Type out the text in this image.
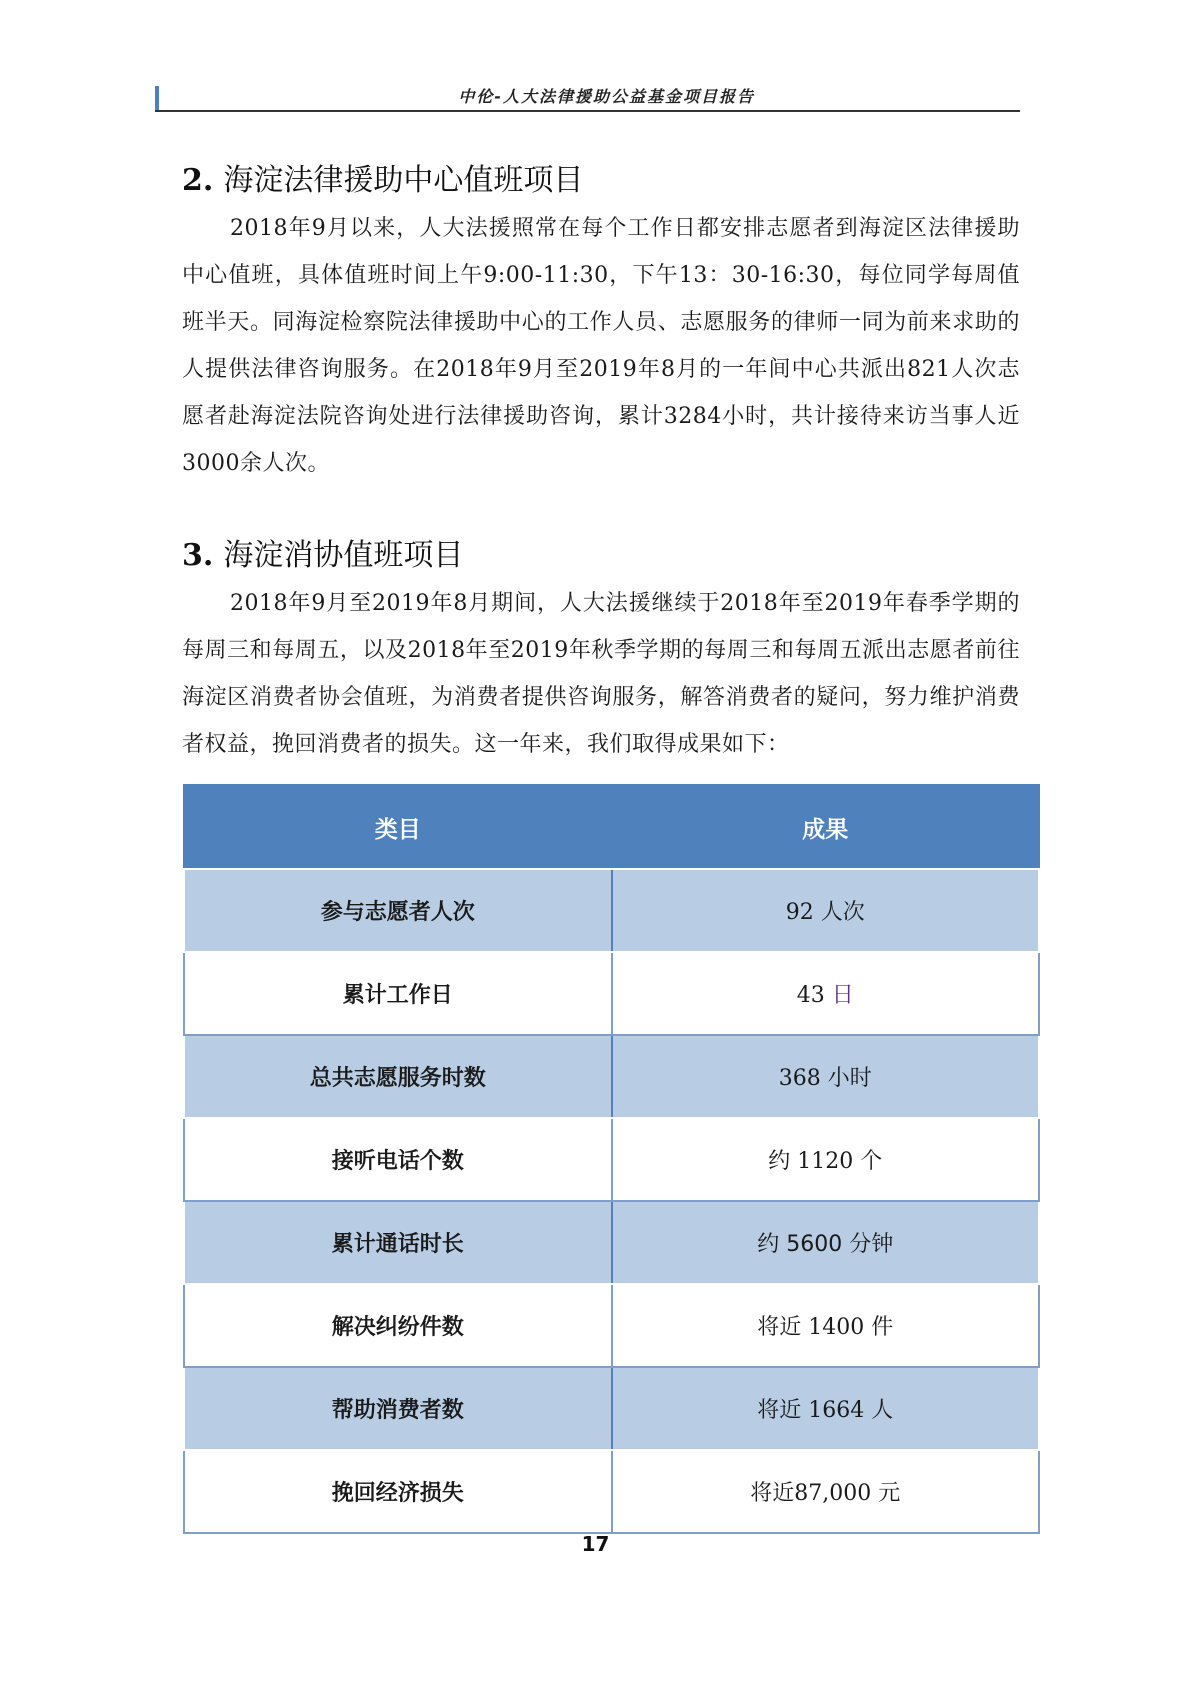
中伦-人大法律援助公益基金项目报告
2. 海淀法律援助中心值班项目

2018年9月以来，人大法援照常在每个工作日都安排志愿者到海淀区法律援助中心值班，具体值班时间上午9:00-11:30，下午13：30-16:30，每位同学每周值班半天。同海淀检察院法律援助中心的工作人员、志愿服务的律师一同为前来求助的人提供法律咨询服务。在2018年9月至2019年8月的一年间中心共派出821人次志愿者赴海淀法院咨询处进行法律援助咨询，累计3284小时，共计接待来访当事人近3000余人次。

3. 海淀消协值班项目

2018年9月至2019年8月期间，人大法援继续于2018年至2019年春季学期的每周三和每周五，以及2018年至2019年秋季学期的每周三和每周五派出志愿者前往海淀区消费者协会值班，为消费者提供咨询服务，解答消费者的疑问，努力维护消费者权益，挽回消费者的损失。这一年来，我们取得成果如下：

类目	成果
参与志愿者人次	92 人次
累计工作日	43 日
总共志愿服务时数	368 小时
接听电话个数	约 1120 个
累计通话时长	约 5600 分钟
解决纠纷件数	将近 1400 件
帮助消费者数	将近 1664 人
挽回经济损失	将近87,000 元
17
